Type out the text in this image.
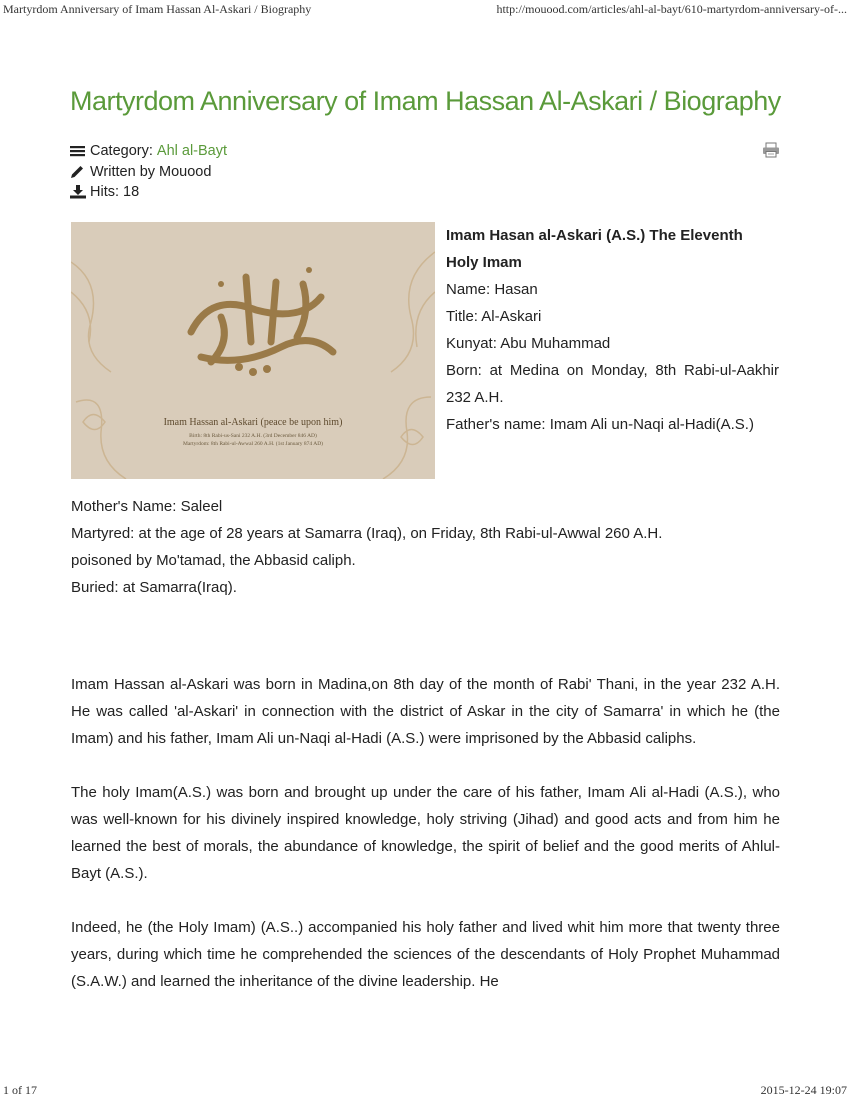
Martyrdom Anniversary of Imam Hassan Al-Askari / Biography	http://mouood.com/articles/ahl-al-bayt/610-martyrdom-anniversary-of-...
Martyrdom Anniversary of Imam Hassan Al-Askari / Biography
Category:
Ahl al-Bayt
Written by Mouood
Hits:
18
Imam Hassan al-Askari (peace be upon him)
Birth: 8th Rabi-us-Sani 232 A.H. (3rd December 846 AD)
Martyrdom: 8th Rabi-ul-Awwal 260 A.H. (1st January 874 AD)

Imam Hasan al-Askari (A.S.) The Eleventh Holy Imam

Name: Hasan

Title: Al-Askari

Kunyat: Abu Muhammad

Born: at Medina on Monday, 8th Rabi-ul-Aakhir 232 A.H.

Father's name: Imam Ali un-Naqi al-Hadi(A.S.)

Mother's Name: Saleel

Martyred: at the age of 28 years at Samarra (Iraq), on Friday, 8th Rabi-ul-Awwal 260 A.H.

poisoned by Mo'tamad, the Abbasid caliph.

Buried: at Samarra(Iraq).

Imam Hassan al-Askari was born in Madina,on 8th day of the month of Rabi' Thani, in the year 232 A.H. He was called 'al-Askari' in connection with the district of Askar in the city of Samarra' in which he (the Imam) and his father, Imam Ali un-Naqi al-Hadi (A.S.) were imprisoned by the Abbasid caliphs.

The holy Imam(A.S.) was born and brought up under the care of his father, Imam Ali al-Hadi (A.S.), who was well-known for his divinely inspired knowledge, holy striving (Jihad) and good acts and from him he learned the best of morals, the abundance of knowledge, the spirit of belief and the good merits of Ahlul-Bayt (A.S.).

Indeed, he (the Holy Imam) (A.S..) accompanied his holy father and lived whit him more that twenty three years, during which time he comprehended the sciences of the descendants of Holy Prophet Muhammad (S.A.W.) and learned the inheritance of the divine leadership. He

1 of 17	2015-12-24 19:07
